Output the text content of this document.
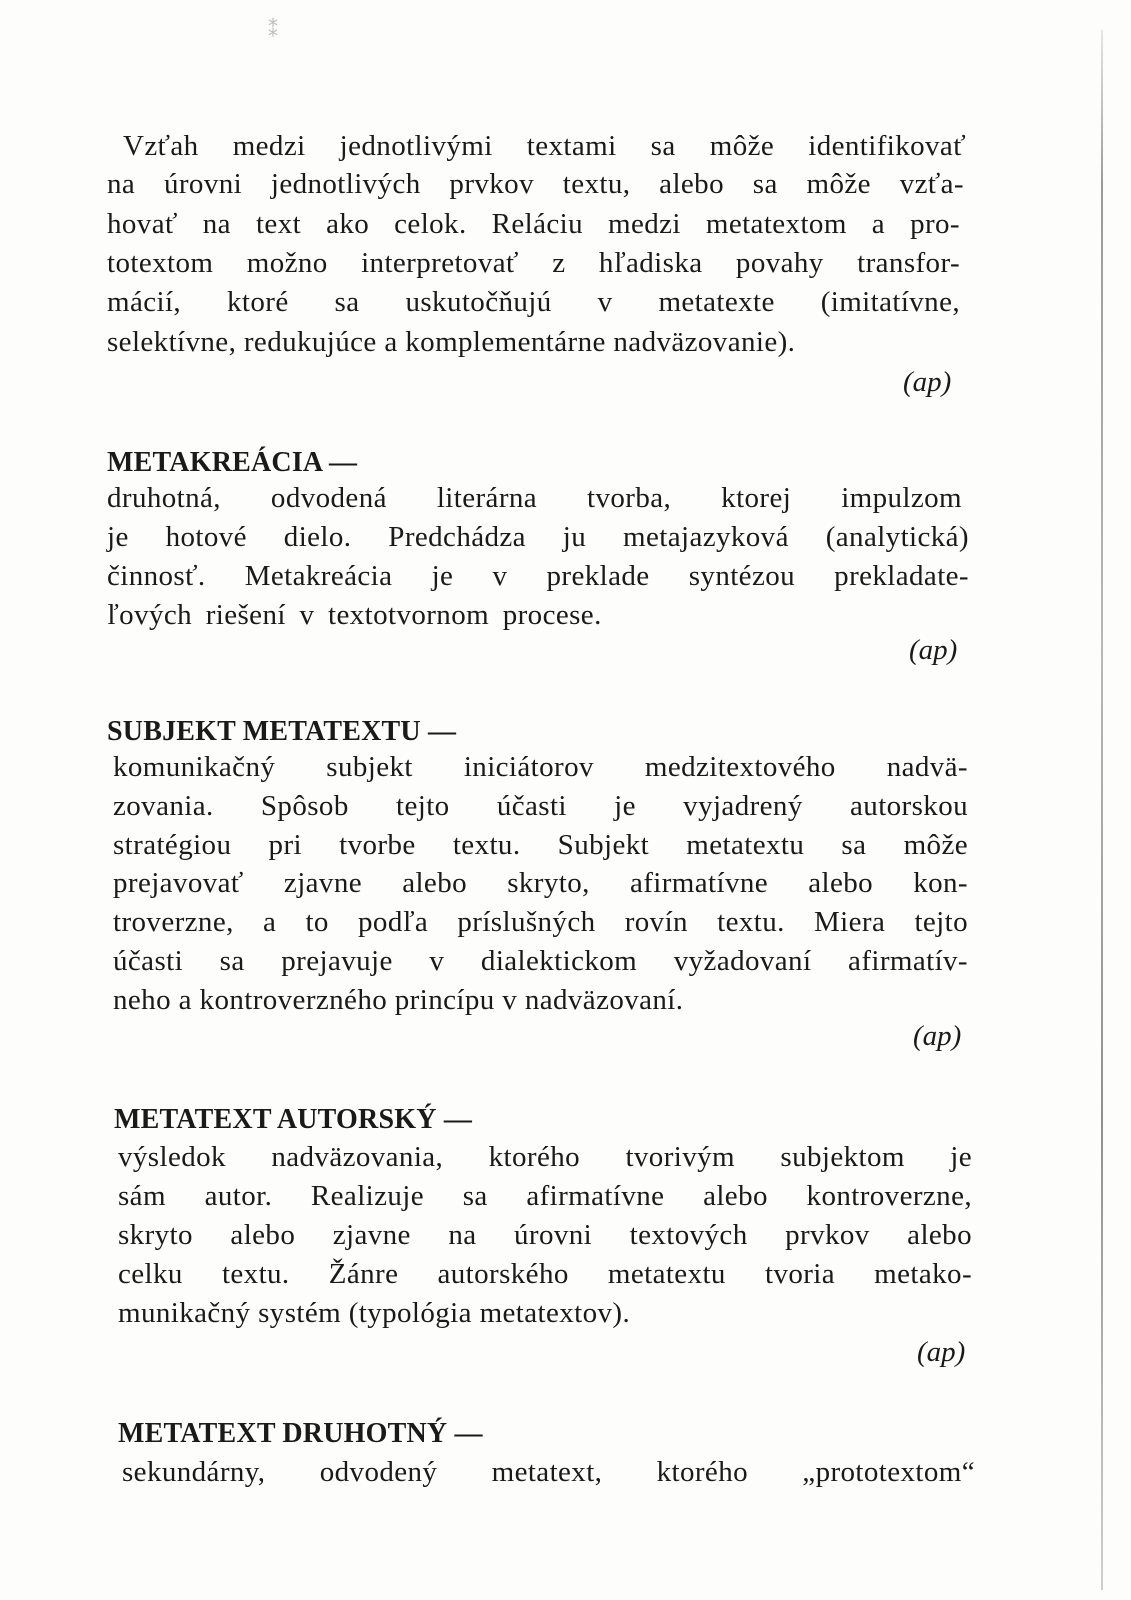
⁑
Vzťah medzi jednotlivými textami sa môže identifikovať
na úrovni jednotlivých prvkov textu, alebo sa môže vzťa-
hovať na text ako celok. Reláciu medzi metatextom a pro-
totextom možno interpretovať z hľadiska povahy transfor-
mácií, ktoré sa uskutočňujú v metatexte (imitatívne,
selektívne, redukujúce a komplementárne nadväzovanie).
(ap)
METAKREÁCIA —
druhotná, odvodená literárna tvorba, ktorej impulzom
je hotové dielo. Predchádza ju metajazyková (analytická)
činnosť. Metakreácia je v preklade syntézou prekladate-
ľových riešení v textotvornom procese.
(ap)
SUBJEKT METATEXTU —
komunikačný subjekt iniciátorov medzitextového nadvä-
zovania. Spôsob tejto účasti je vyjadrený autorskou
stratégiou pri tvorbe textu. Subjekt metatextu sa môže
prejavovať zjavne alebo skryto, afirmatívne alebo kon-
troverzne, a to podľa príslušných rovín textu. Miera tejto
účasti sa prejavuje v dialektickom vyžadovaní afirmatív-
neho a kontroverzného princípu v nadväzovaní.
(ap)
METATEXT AUTORSKÝ —
výsledok nadväzovania, ktorého tvorivým subjektom je
sám autor. Realizuje sa afirmatívne alebo kontroverzne,
skryto alebo zjavne na úrovni textových prvkov alebo
celku textu. Žánre autorského metatextu tvoria metako-
munikačný systém (typológia metatextov).
(ap)
METATEXT DRUHOTNÝ —
sekundárny, odvodený metatext, ktorého „prototextom“
